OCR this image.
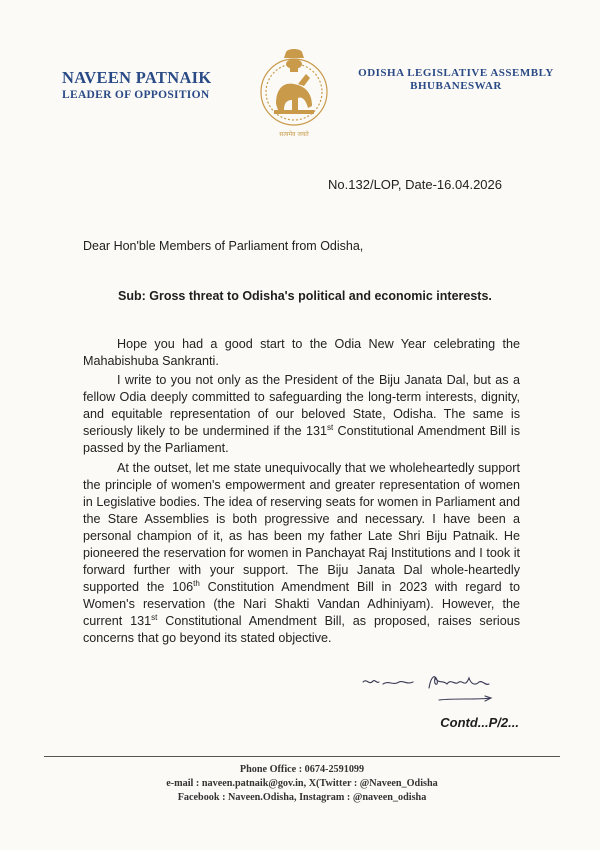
NAVEEN PATNAIK
LEADER OF OPPOSITION
सत्यमेव जयते
ODISHA LEGISLATIVE ASSEMBLY
BHUBANESWAR
No.132/LOP, Date-16.04.2026
Dear Hon'ble Members of Parliament from Odisha,
Sub: Gross threat to Odisha's political and economic interests.

Hope you had a good start to the Odia New Year celebrating the Mahabishuba Sankranti.

I write to you not only as the President of the Biju Janata Dal, but as a fellow Odia deeply committed to safeguarding the long-term interests, dignity, and equitable representation of our beloved State, Odisha. The same is seriously likely to be undermined if the 131st Constitutional Amendment Bill is passed by the Parliament.

At the outset, let me state unequivocally that we wholeheartedly support the principle of women's empowerment and greater representation of women in Legislative bodies. The idea of reserving seats for women in Parliament and the Stare Assemblies is both progressive and necessary. I have been a personal champion of it, as has been my father Late Shri Biju Patnaik. He pioneered the reservation for women in Panchayat Raj Institutions and I took it forward further with your support. The Biju Janata Dal whole-heartedly supported the 106th Constitution Amendment Bill in 2023 with regard to Women's reservation (the Nari Shakti Vandan Adhiniyam). However, the current 131st Constitutional Amendment Bill, as proposed, raises serious concerns that go beyond its stated objective.

Contd...P/2...
Phone Office : 0674-2591099
e-mail : naveen.patnaik@gov.in, X(Twitter : @Naveen_Odisha
Facebook : Naveen.Odisha, Instagram : @naveen_odisha
